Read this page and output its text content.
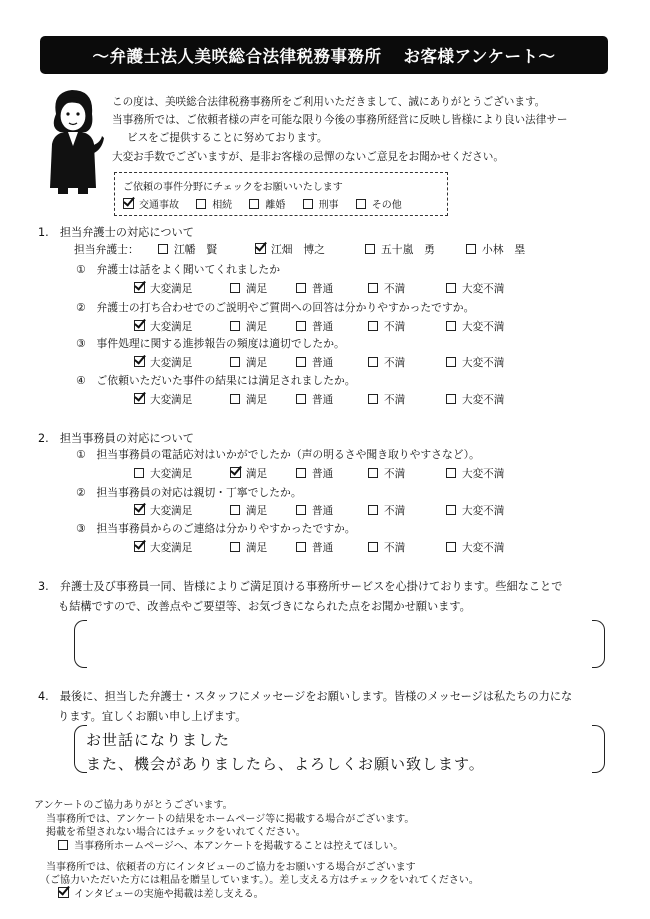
～弁護士法人美咲総合法律税務事務所 お客様アンケート～
この度は、美咲総合法律税務事務所をご利用いただきまして、誠にありがとうございます。
当事務所では、ご依頼者様の声を可能な限り今後の事務所経営に反映し皆様により良い法律サー
ビスをご提供することに努めております。
大変お手数でございますが、是非お客様の忌憚のないご意見をお聞かせください。
ご依頼の事件分野にチェックをお願いいたします
交通事故	相続	離婚	刑事	その他
1.　担当弁護士の対応について
担当弁護士：	江幡　賢	江畑　博之	五十嵐　勇	小林　塁
①　 弁護士は話をよく聞いてくれましたか
大変満足	満足	普通	不満	大変不満
②　 弁護士の打ち合わせでのご説明やご質問への回答は分かりやすかったですか。
大変満足	満足	普通	不満	大変不満
③　 事件処理に関する進捗報告の頻度は適切でしたか。
大変満足	満足	普通	不満	大変不満
④　 ご依頼いただいた事件の結果には満足されましたか。
大変満足	満足	普通	不満	大変不満
2.　担当事務員の対応について
①　 担当事務員の電話応対はいかがでしたか（声の明るさや聞き取りやすさなど）。
大変満足	満足	普通	不満	大変不満
②　 担当事務員の対応は親切・丁寧でしたか。
大変満足	満足	普通	不満	大変不満
③　 担当事務員からのご連絡は分かりやすかったですか。
大変満足	満足	普通	不満	大変不満
3.　弁護士及び事務員一同、皆様によりご満足頂ける事務所サービスを心掛けております。些細なことで
も結構ですので、改善点やご要望等、お気づきになられた点をお聞かせ願います。
4.　最後に、担当した弁護士・スタッフにメッセージをお願いします。皆様のメッセージは私たちの力にな
ります。宜しくお願い申し上げます。
お世話になりました
また、機会がありましたら、よろしくお願い致します。
アンケートのご協力ありがとうございます。
当事務所では、アンケートの結果をホームページ等に掲載する場合がございます。
掲載を希望されない場合にはチェックをいれてください。
当事務所ホームページへ、本アンケートを掲載することは控えてほしい。
当事務所では、依頼者の方にインタビューのご協力をお願いする場合がございます
（ご協力いただいた方には粗品を贈呈しています。）。差し支える方はチェックをいれてください。
インタビューの実施や掲載は差し支える。
